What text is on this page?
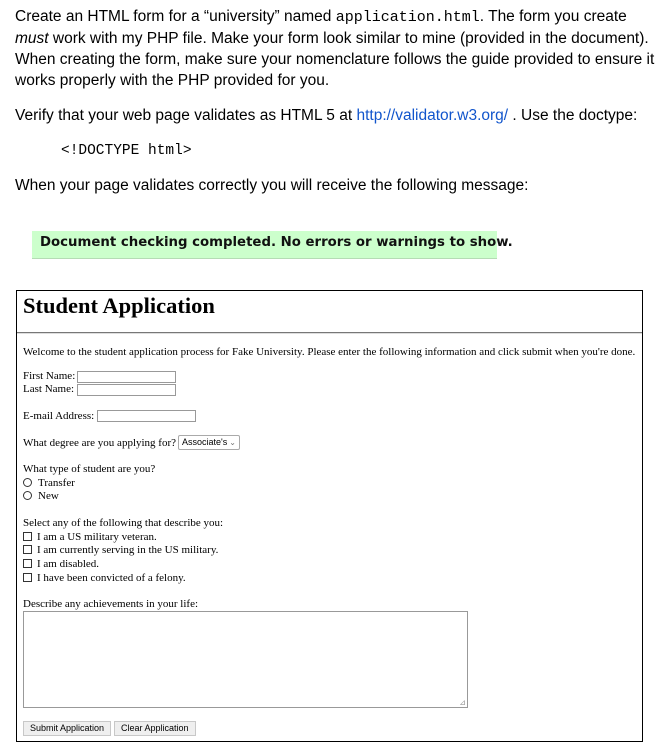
Create an HTML form for a “university” named application.html. The form you create must work with my PHP file. Make your form look similar to mine (provided in the document). When creating the form, make sure your nomenclature follows the guide provided to ensure it works properly with the PHP provided for you.

Verify that your web page validates as HTML 5 at http://validator.w3.org/ . Use the doctype:

<!DOCTYPE html>

When your page validates correctly you will receive the following message:

Document checking completed. No errors or warnings to show.
Student Application
Welcome to the student application process for Fake University. Please enter the following information and click submit when you're done.
First Name:
Last Name:
E-mail Address:
What degree are you applying for? Associate's ⌄
What type of student are you?
Transfer
New
Select any of the following that describe you:
I am a US military veteran.
I am currently serving in the US military.
I am disabled.
I have been convicted of a felony.
Describe any achievements in your life:
⊿
Submit Application	Clear Application
